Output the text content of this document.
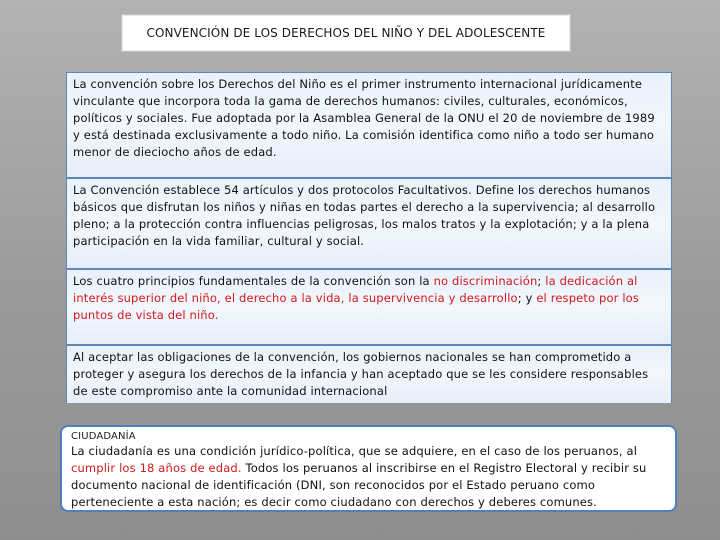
CONVENCIÓN DE LOS DERECHOS DEL NIÑO Y DEL ADOLESCENTE
La convención sobre los Derechos del Niño es el primer instrumento internacional jurídicamente vinculante que incorpora toda la gama de derechos humanos: civiles, culturales, económicos, políticos y sociales. Fue adoptada por la Asamblea General de la ONU el 20 de noviembre de 1989 y está destinada exclusivamente a todo niño. La comisión identifica como niño a todo ser humano menor de dieciocho años de edad.
La Convención establece 54 artículos y dos protocolos Facultativos. Define los derechos humanos básicos que disfrutan los niños y niñas en todas partes el derecho a la supervivencia; al desarrollo pleno; a la protección contra influencias peligrosas, los malos tratos y la explotación; y a la plena participación en la vida familiar, cultural y social.
Los cuatro principios fundamentales de la convención son la no discriminación; la dedicación al interés superior del niño, el derecho a la vida, la supervivencia y desarrollo; y el respeto por los puntos de vista del niño.
Al aceptar las obligaciones de la convención, los gobiernos nacionales se han comprometido a proteger y asegura los derechos de la infancia y han aceptado que se les considere responsables de este compromiso ante la comunidad internacional
CIUDADANÍA
La ciudadanía es una condición jurídico-política, que se adquiere, en el caso de los peruanos, al cumplir los 18 años de edad. Todos los peruanos al inscribirse en el Registro Electoral y recibir su documento nacional de identificación (DNI, son reconocidos por el Estado peruano como perteneciente a esta nación; es decir como ciudadano con derechos y deberes comunes.
